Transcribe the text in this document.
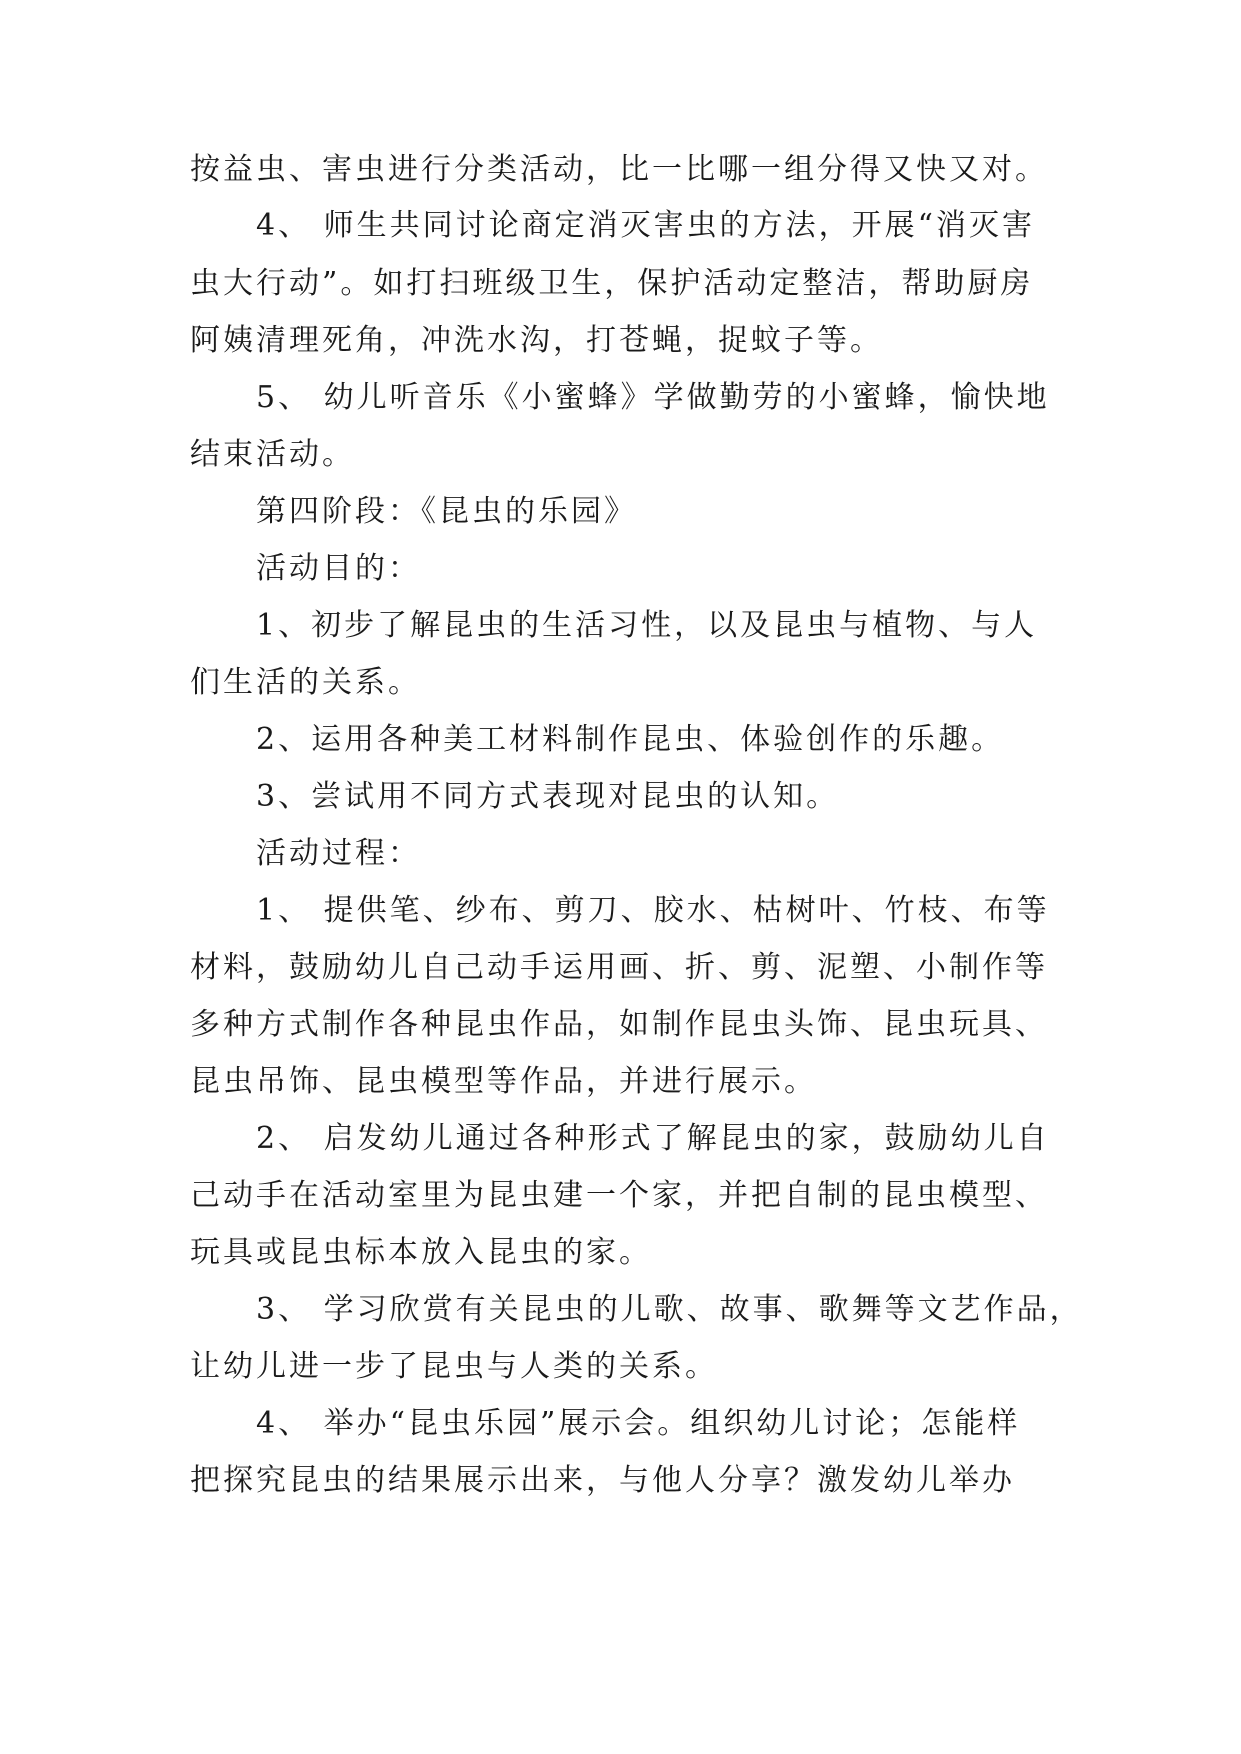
按益虫、害虫进行分类活动，比一比哪一组分得又快又对。
4、 师生共同讨论商定消灭害虫的方法，开展“消灭害
虫大行动”。如打扫班级卫生，保护活动定整洁，帮助厨房
阿姨清理死角，冲洗水沟，打苍蝇，捉蚊子等。
5、 幼儿听音乐《小蜜蜂》学做勤劳的小蜜蜂，愉快地
结束活动。
第四阶段：《昆虫的乐园》
活动目的：
1、初步了解昆虫的生活习性，以及昆虫与植物、与人
们生活的关系。
2、运用各种美工材料制作昆虫、体验创作的乐趣。
3、尝试用不同方式表现对昆虫的认知。
活动过程：
1、 提供笔、纱布、剪刀、胶水、枯树叶、竹枝、布等
材料，鼓励幼儿自己动手运用画、折、剪、泥塑、小制作等
多种方式制作各种昆虫作品，如制作昆虫头饰、昆虫玩具、
昆虫吊饰、昆虫模型等作品，并进行展示。
2、 启发幼儿通过各种形式了解昆虫的家，鼓励幼儿自
己动手在活动室里为昆虫建一个家，并把自制的昆虫模型、
玩具或昆虫标本放入昆虫的家。
3、 学习欣赏有关昆虫的儿歌、故事、歌舞等文艺作品，
让幼儿进一步了昆虫与人类的关系。
4、 举办“昆虫乐园”展示会。组织幼儿讨论；怎能样
把探究昆虫的结果展示出来，与他人分享？激发幼儿举办
